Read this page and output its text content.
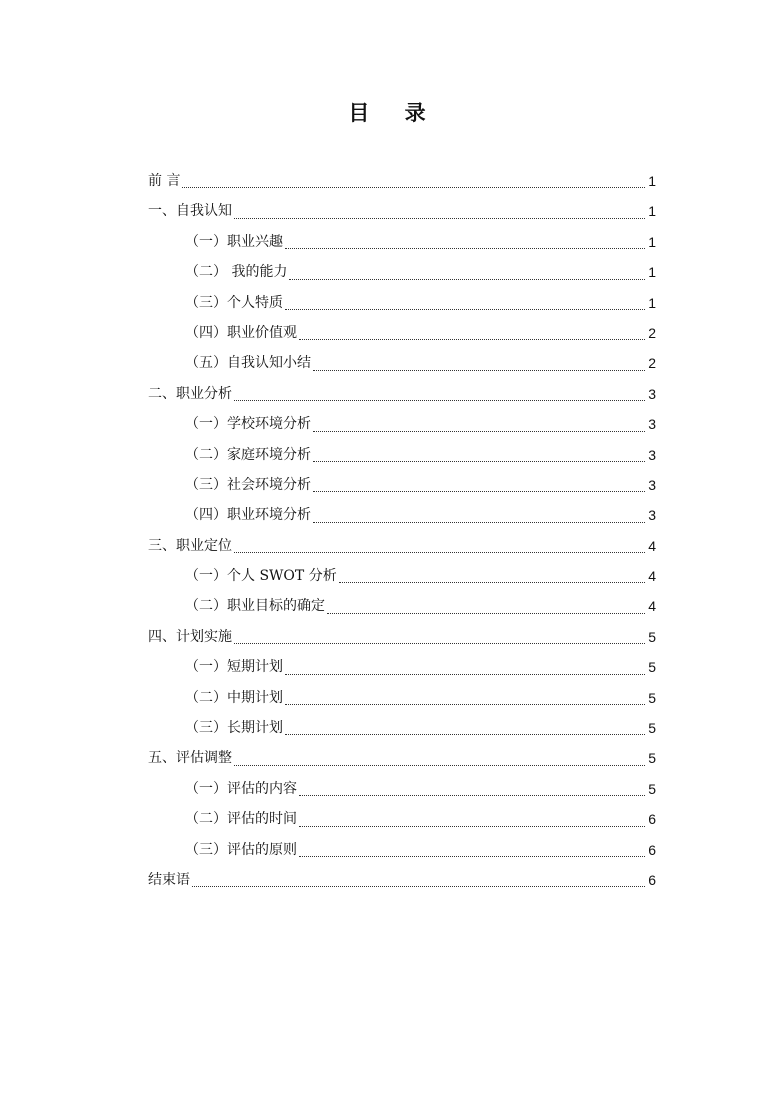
目 录
前 言	1
一、自我认知	1
（一）职业兴趣	1
（二） 我的能力	1
（三）个人特质	1
（四）职业价值观	2
（五）自我认知小结	2
二、职业分析	3
（一）学校环境分析	3
（二）家庭环境分析	3
（三）社会环境分析	3
（四）职业环境分析	3
三、职业定位	4
（一）个人 SWOT 分析	4
（二）职业目标的确定	4
四、计划实施	5
（一）短期计划	5
（二）中期计划	5
（三）长期计划	5
五、评估调整	5
（一）评估的内容	5
（二）评估的时间	6
（三）评估的原则	6
结束语	6
